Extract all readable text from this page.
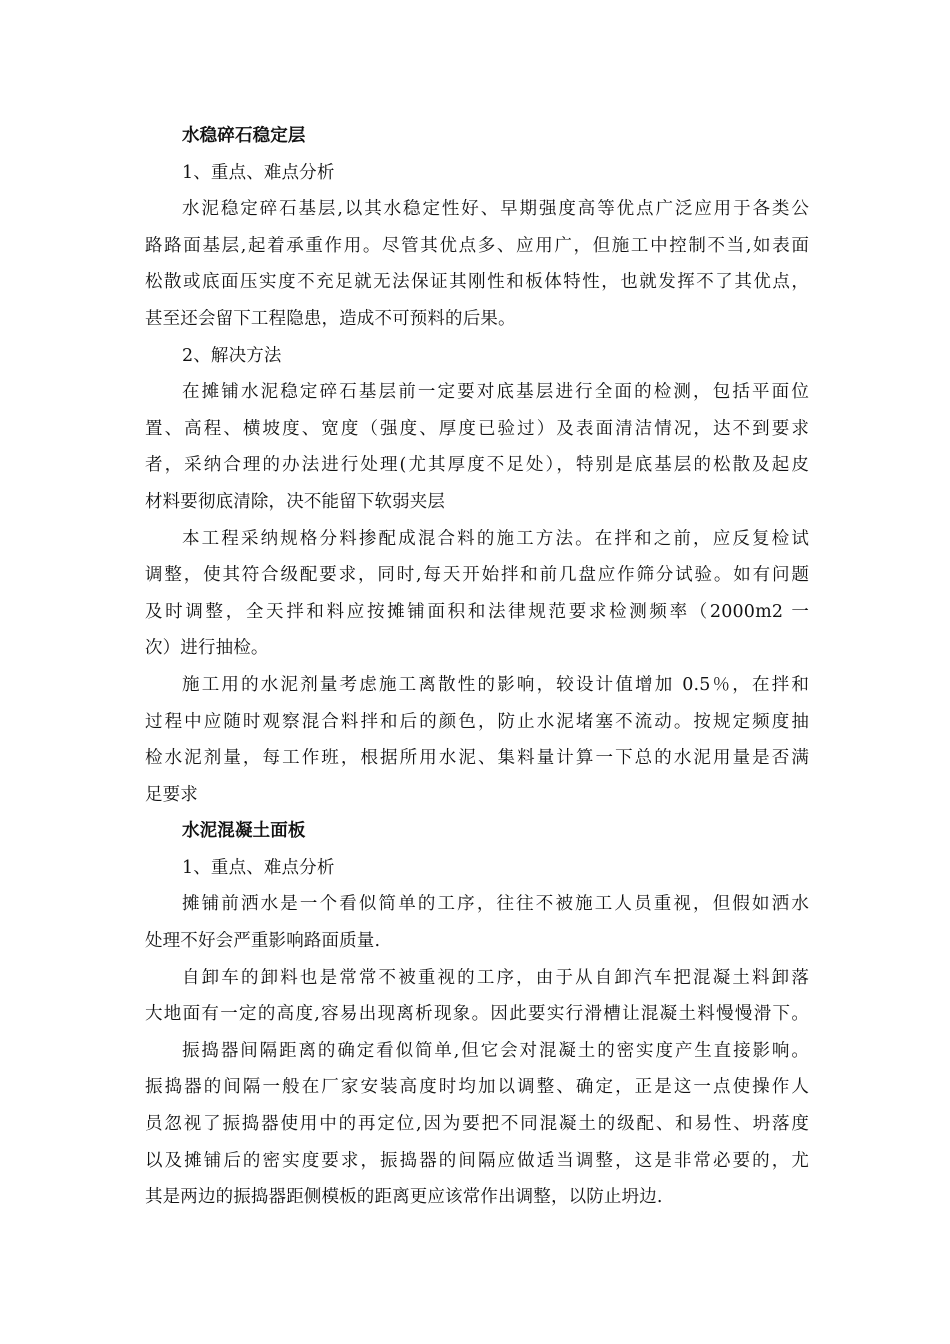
水稳碎石稳定层

1、重点、难点分析

水泥稳定碎石基层,以其水稳定性好、早期强度高等优点广泛应用于各类公

路路面基层,起着承重作用。尽管其优点多、应用广，但施工中控制不当,如表面

松散或底面压实度不充足就无法保证其刚性和板体特性，也就发挥不了其优点，

甚至还会留下工程隐患，造成不可预料的后果。

2、解决方法

在摊铺水泥稳定碎石基层前一定要对底基层进行全面的检测，包括平面位

置、高程、横坡度、宽度（强度、厚度已验过）及表面清洁情况，达不到要求

者，采纳合理的办法进行处理(尤其厚度不足处），特别是底基层的松散及起皮

材料要彻底清除，决不能留下软弱夹层

本工程采纳规格分料掺配成混合料的施工方法。在拌和之前，应反复检试

调整，使其符合级配要求，同时,每天开始拌和前几盘应作筛分试验。如有问题

及时调整，全天拌和料应按摊铺面积和法律规范要求检测频率（2000m2 一

次）进行抽检。

施工用的水泥剂量考虑施工离散性的影响，较设计值增加 0.5％，在拌和

过程中应随时观察混合料拌和后的颜色，防止水泥堵塞不流动。按规定频度抽

检水泥剂量，每工作班，根据所用水泥、集料量计算一下总的水泥用量是否满

足要求

水泥混凝土面板

1、重点、难点分析

摊铺前洒水是一个看似简单的工序，往往不被施工人员重视，但假如洒水

处理不好会严重影响路面质量.

自卸车的卸料也是常常不被重视的工序，由于从自卸汽车把混凝土料卸落

大地面有一定的高度,容易出现离析现象。因此要实行滑槽让混凝土料慢慢滑下。

振捣器间隔距离的确定看似简单,但它会对混凝土的密实度产生直接影响。

振捣器的间隔一般在厂家安装高度时均加以调整、确定，正是这一点使操作人

员忽视了振捣器使用中的再定位,因为要把不同混凝土的级配、和易性、坍落度

以及摊铺后的密实度要求，振捣器的间隔应做适当调整，这是非常必要的，尤

其是两边的振捣器距侧模板的距离更应该常作出调整，以防止坍边.
